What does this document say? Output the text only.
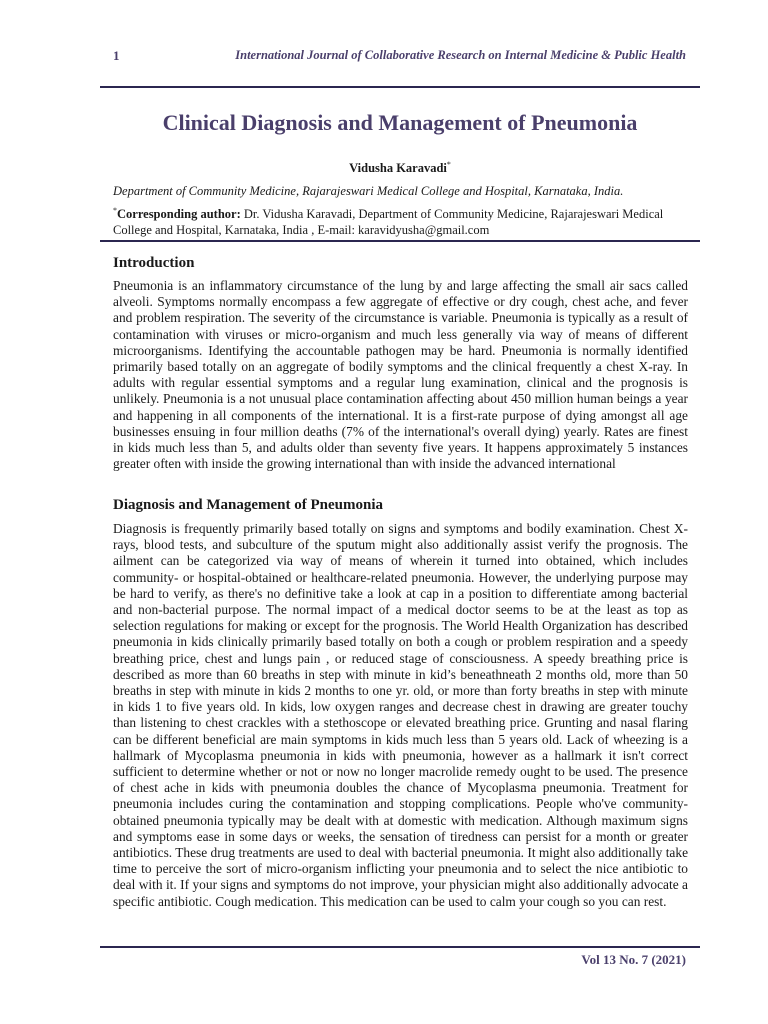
1	International Journal of Collaborative Research on Internal Medicine & Public Health
Clinical Diagnosis and Management of Pneumonia
Vidusha Karavadi*

Department of Community Medicine, Rajarajeswari Medical College and Hospital, Karnataka, India.

*Corresponding author: Dr. Vidusha Karavadi, Department of Community Medicine, Rajarajeswari Medical College and Hospital, Karnataka, India , E-mail: karavidyusha@gmail.com

Introduction

Pneumonia is an inflammatory circumstance of the lung by and large affecting the small air sacs called alveoli. Symptoms normally encompass a few aggregate of effective or dry cough, chest ache, and fever and problem respiration. The severity of the circumstance is variable. Pneumonia is typically as a result of contamination with viruses or micro-organism and much less generally via way of means of different microorganisms. Identifying the accountable pathogen may be hard. Pneumonia is normally identified primarily based totally on an aggregate of bodily symptoms and the clinical frequently a chest X-ray. In adults with regular essential symptoms and a regular lung examination, clinical and the prognosis is unlikely. Pneumonia is a not unusual place contamination affecting about 450 million human beings a year and happening in all components of the international. It is a first-rate purpose of dying amongst all age businesses ensuing in four million deaths (7% of the international's overall dying) yearly. Rates are finest in kids much less than 5, and adults older than seventy five years. It happens approximately 5 instances greater often with inside the growing international than with inside the advanced international

Diagnosis and Management of Pneumonia

Diagnosis is frequently primarily based totally on signs and symptoms and bodily examination. Chest X-rays, blood tests, and subculture of the sputum might also additionally assist verify the prognosis. The ailment can be categorized via way of means of wherein it turned into obtained, which includes community- or hospital-obtained or healthcare-related pneumonia. However, the underlying purpose may be hard to verify, as there's no definitive take a look at cap in a position to differentiate among bacterial and non-bacterial purpose. The normal impact of a medical doctor seems to be at the least as top as selection regulations for making or except for the prognosis. The World Health Organization has described pneumonia in kids clinically primarily based totally on both a cough or problem respiration and a speedy breathing price, chest and lungs pain , or reduced stage of consciousness. A speedy breathing price is described as more than 60 breaths in step with minute in kid’s beneathneath 2 months old, more than 50 breaths in step with minute in kids 2 months to one yr. old, or more than forty breaths in step with minute in kids 1 to five years old. In kids, low oxygen ranges and decrease chest in drawing are greater touchy than listening to chest crackles with a stethoscope or elevated breathing price. Grunting and nasal flaring can be different beneficial are main symptoms in kids much less than 5 years old. Lack of wheezing is a hallmark of Mycoplasma pneumonia in kids with pneumonia, however as a hallmark it isn't correct sufficient to determine whether or not or now no longer macrolide remedy ought to be used. The presence of chest ache in kids with pneumonia doubles the chance of Mycoplasma pneumonia. Treatment for pneumonia includes curing the contamination and stopping complications. People who've community-obtained pneumonia typically may be dealt with at domestic with medication. Although maximum signs and symptoms ease in some days or weeks, the sensation of tiredness can persist for a month or greater antibiotics. These drug treatments are used to deal with bacterial pneumonia. It might also additionally take time to perceive the sort of micro-organism inflicting your pneumonia and to select the nice antibiotic to deal with it. If your signs and symptoms do not improve, your physician might also additionally advocate a specific antibiotic. Cough medication. This medication can be used to calm your cough so you can rest.

Vol 13 No. 7 (2021)
